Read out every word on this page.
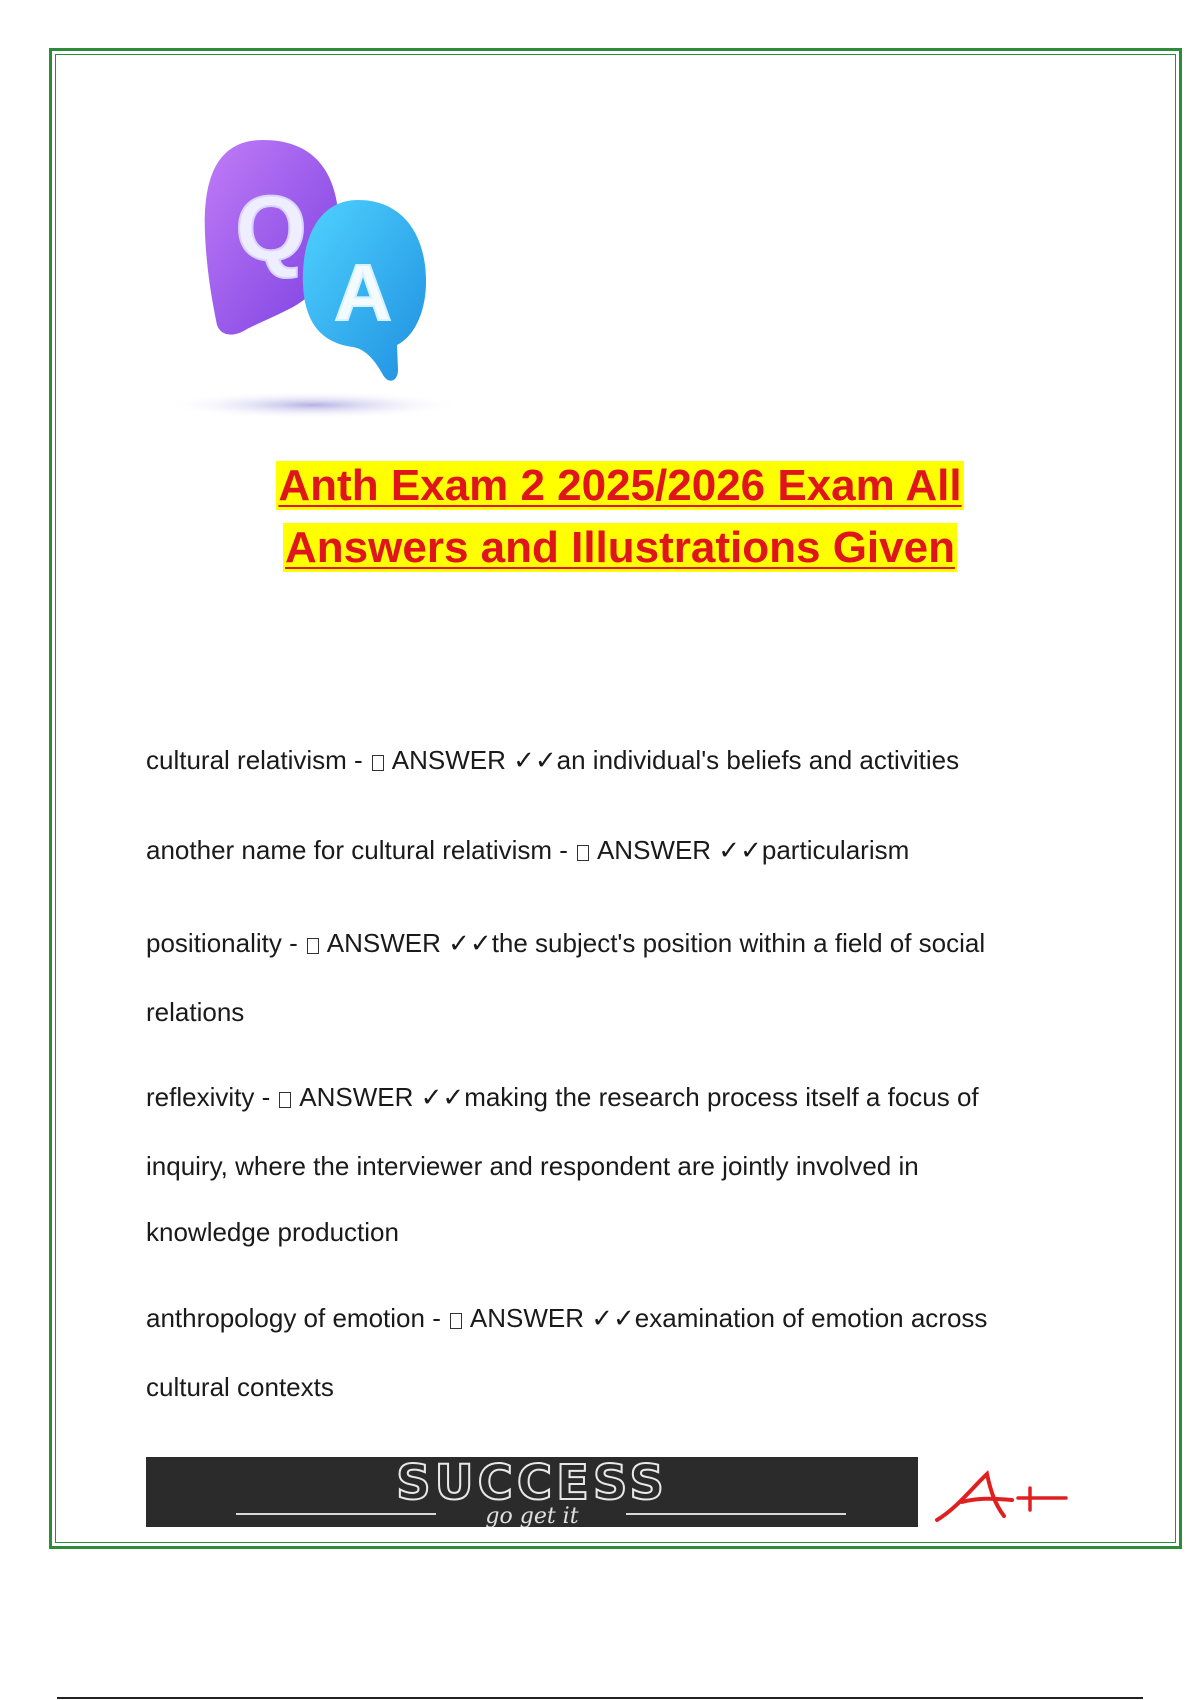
Q
A
Anth Exam 2 2025/2026 Exam All
Answers and Illustrations Given
cultural relativism -  ANSWER ✓✓an individual's beliefs and activities
another name for cultural relativism -  ANSWER ✓✓particularism
positionality -  ANSWER ✓✓the subject's position within a field of social
relations
reflexivity -  ANSWER ✓✓making the research process itself a focus of
inquiry, where the interviewer and respondent are jointly involved in
knowledge production
anthropology of emotion -  ANSWER ✓✓examination of emotion across
cultural contexts
SUCCESS
go get it
A+
